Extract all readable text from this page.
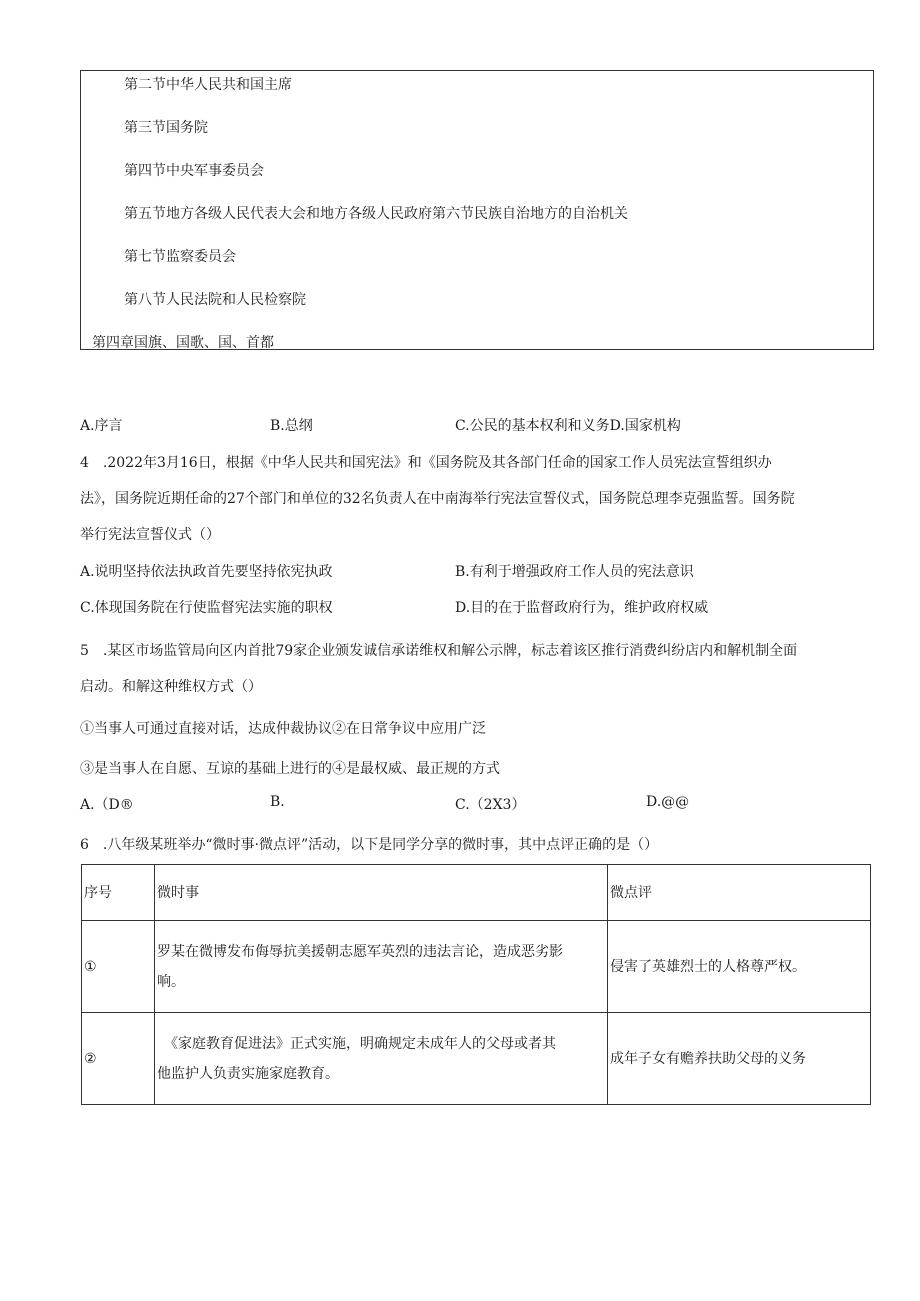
第二节中华人民共和国主席
第三节国务院
第四节中央军事委员会
第五节地方各级人民代表大会和地方各级人民政府第六节民族自治地方的自治机关
第七节监察委员会
第八节人民法院和人民检察院
第四章国旗、国歌、国、首都
A.序言	B.总纲	C.公民的基本权利和义务D.国家机构
4　.2022年3月16日，根据《中华人民共和国宪法》和《国务院及其各部门任命的国家工作人员宪法宣誓组织办
法》，国务院近期任命的27个部门和单位的32名负责人在中南海举行宪法宣誓仪式，国务院总理李克强监誓。国务院
举行宪法宣誓仪式（）
A.说明坚持依法执政首先要坚持依宪执政	B.有利于增强政府工作人员的宪法意识
C.体现国务院在行使监督宪法实施的职权	D.目的在于监督政府行为，维护政府权威
5　.某区市场监管局向区内首批79家企业颁发诚信承诺维权和解公示牌，标志着该区推行消费纠纷店内和解机制全面
启动。和解这种维权方式（）
①当事人可通过直接对话，达成仲裁协议②在日常争议中应用广泛
③是当事人在自愿、互谅的基础上进行的④是最权威、最正规的方式
A.（D®	B.	C.（2X3）	D.@@
6　.八年级某班举办“微时事·微点评”活动，以下是同学分享的微时事，其中点评正确的是（）
序号	微时事	微点评
①	罗某在微博发布侮辱抗美援朝志愿军英烈的违法言论，造成恶劣影
响。	侵害了英雄烈士的人格尊严权。
②	　《家庭教育促进法》正式实施，明确规定未成年人的父母或者其
他监护人负责实施家庭教育。	成年子女有赡养扶助父母的义务
